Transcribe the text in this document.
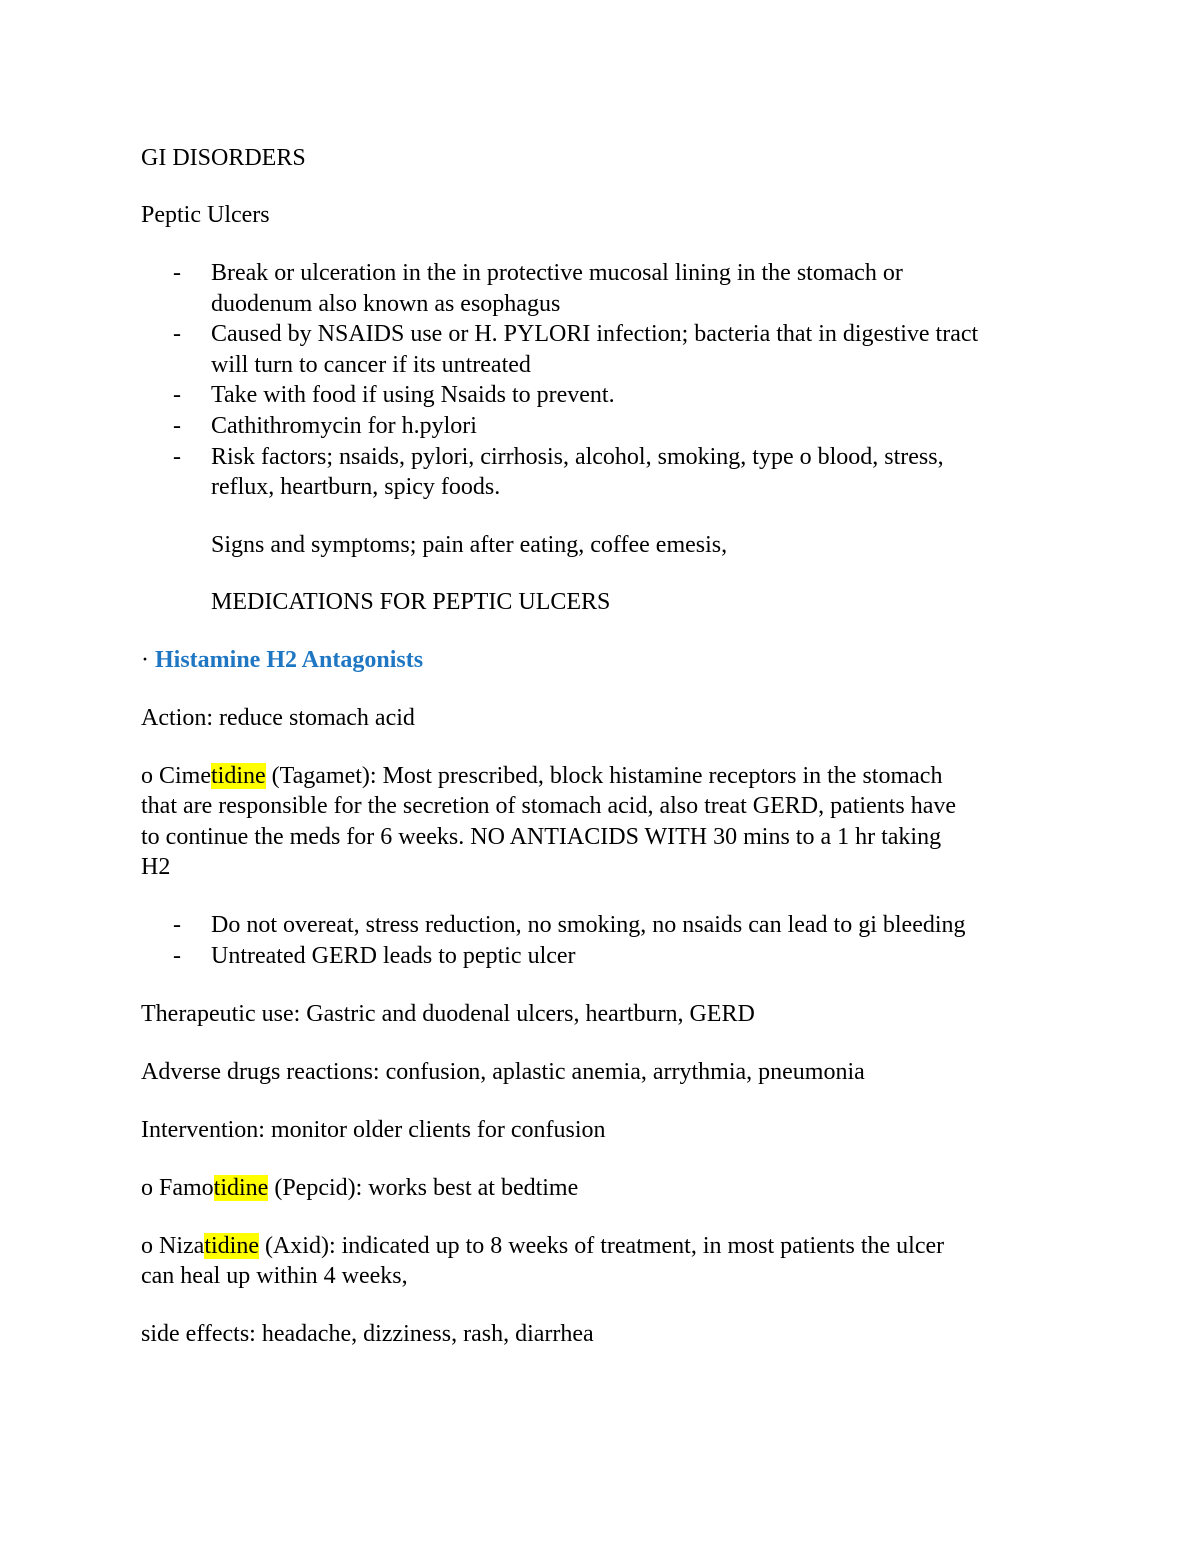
GI DISORDERS
Peptic Ulcers
- Break or ulceration in the in protective mucosal lining in the stomach or
duodenum also known as esophagus
- Caused by NSAIDS use or H. PYLORI infection; bacteria that in digestive tract
will turn to cancer if its untreated
- Take with food if using Nsaids to prevent.
- Cathithromycin for h.pylori
- Risk factors; nsaids, pylori, cirrhosis, alcohol, smoking, type o blood, stress,
reflux, heartburn, spicy foods.
Signs and symptoms; pain after eating, coffee emesis,
MEDICATIONS FOR PEPTIC ULCERS
· Histamine H2 Antagonists
Action: reduce stomach acid
o Cimetidine (Tagamet): Most prescribed, block histamine receptors in the stomach
that are responsible for the secretion of stomach acid, also treat GERD, patients have
to continue the meds for 6 weeks. NO ANTIACIDS WITH 30 mins to a 1 hr taking
H2
- Do not overeat, stress reduction, no smoking, no nsaids can lead to gi bleeding
- Untreated GERD leads to peptic ulcer
Therapeutic use: Gastric and duodenal ulcers, heartburn, GERD
Adverse drugs reactions: confusion, aplastic anemia, arrythmia, pneumonia
Intervention: monitor older clients for confusion
o Famotidine (Pepcid): works best at bedtime
o Nizatidine (Axid): indicated up to 8 weeks of treatment, in most patients the ulcer
can heal up within 4 weeks,
side effects: headache, dizziness, rash, diarrhea
